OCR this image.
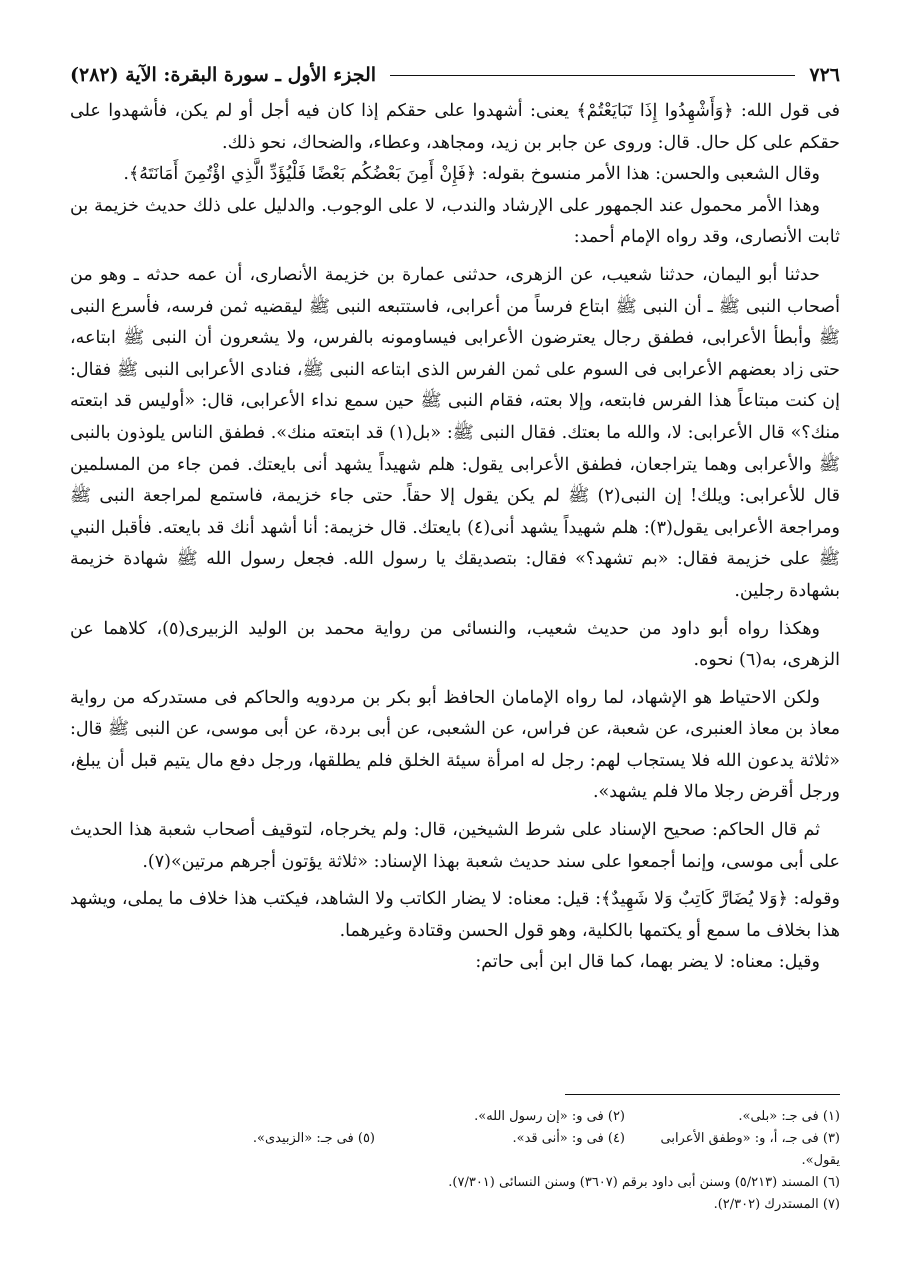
٧٢٦
الجزء الأول ـ سورة البقرة: الآية (٢٨٢)

فى قول الله: ﴿وَأَشْهِدُوا إِذَا تَبَايَعْتُمْ﴾ يعنى: أشهدوا على حقكم إذا كان فيه أجل أو لم يكن، فأشهدوا على حقكم على كل حال. قال: وروى عن جابر بن زيد، ومجاهد، وعطاء، والضحاك، نحو ذلك.

وقال الشعبى والحسن: هذا الأمر منسوخ بقوله: ﴿فَإِنْ أَمِنَ بَعْضُكُم بَعْضًا فَلْيُؤَدِّ الَّذِي اؤْتُمِنَ أَمَانَتَهُ﴾.

وهذا الأمر محمول عند الجمهور على الإرشاد والندب، لا على الوجوب. والدليل على ذلك حديث خزيمة بن ثابت الأنصارى، وقد رواه الإمام أحمد:

حدثنا أبو اليمان، حدثنا شعيب، عن الزهرى، حدثنى عمارة بن خزيمة الأنصارى، أن عمه حدثه ـ وهو من أصحاب النبى ﷺ ـ أن النبى ﷺ ابتاع فرساً من أعرابى، فاستتبعه النبى ﷺ ليقضيه ثمن فرسه، فأسرع النبى ﷺ وأبطأ الأعرابى، فطفق رجال يعترضون الأعرابى فيساومونه بالفرس، ولا يشعرون أن النبى ﷺ ابتاعه، حتى زاد بعضهم الأعرابى فى السوم على ثمن الفرس الذى ابتاعه النبى ﷺ، فنادى الأعرابى النبى ﷺ فقال: إن كنت مبتاعاً هذا الفرس فابتعه، وإلا بعته، فقام النبى ﷺ حين سمع نداء الأعرابى، قال: «أوليس قد ابتعته منك؟» قال الأعرابى: لا، والله ما بعتك. فقال النبى ﷺ: «بل(١) قد ابتعته منك». فطفق الناس يلوذون بالنبى ﷺ والأعرابى وهما يتراجعان، فطفق الأعرابى يقول: هلم شهيداً يشهد أنى بايعتك. فمن جاء من المسلمين قال للأعرابى: ويلك! إن النبى(٢) ﷺ لم يكن يقول إلا حقاً. حتى جاء خزيمة، فاستمع لمراجعة النبى ﷺ ومراجعة الأعرابى يقول(٣): هلم شهيداً يشهد أنى(٤) بايعتك. قال خزيمة: أنا أشهد أنك قد بايعته. فأقبل النبي ﷺ على خزيمة فقال: «بم تشهد؟» فقال: بتصديقك يا رسول الله. فجعل رسول الله ﷺ شهادة خزيمة بشهادة رجلين.

وهكذا رواه أبو داود من حديث شعيب، والنسائى من رواية محمد بن الوليد الزبيرى(٥)، كلاهما عن الزهرى، به(٦) نحوه.

ولكن الاحتياط هو الإشهاد، لما رواه الإمامان الحافظ أبو بكر بن مردويه والحاكم فى مستدركه من رواية معاذ بن معاذ العنبرى، عن شعبة، عن فراس، عن الشعبى، عن أبى بردة، عن أبى موسى، عن النبى ﷺ قال: «ثلاثة يدعون الله فلا يستجاب لهم: رجل له امرأة سيئة الخلق فلم يطلقها، ورجل دفع مال يتيم قبل أن يبلغ، ورجل أقرض رجلا مالا فلم يشهد».

ثم قال الحاكم: صحيح الإسناد على شرط الشيخين، قال: ولم يخرجاه، لتوقيف أصحاب شعبة هذا الحديث على أبى موسى، وإنما أجمعوا على سند حديث شعبة بهذا الإسناد: «ثلاثة يؤتون أجرهم مرتين»(٧).

وقوله: ﴿وَلا يُضَارَّ كَاتِبٌ وَلا شَهِيدٌ﴾: قيل: معناه: لا يضار الكاتب ولا الشاهد، فيكتب هذا خلاف ما يملى، ويشهد هذا بخلاف ما سمع أو يكتمها بالكلية، وهو قول الحسن وقتادة وغيرهما.

وقيل: معناه: لا يضر بهما، كما قال ابن أبى حاتم:

(١) فى جـ: «بلى».
(٢) فى و: «إن رسول الله».
(٣) فى جـ، أ، و: «وطفق الأعرابى يقول».
(٤) فى و: «أنى قد».
(٥) فى جـ: «الزبيدى».
(٦) المسند (٥/٢١٣) وسنن أبى داود برقم (٣٦٠٧) وسنن النسائى (٧/٣٠١).
(٧) المستدرك (٢/٣٠٢).
